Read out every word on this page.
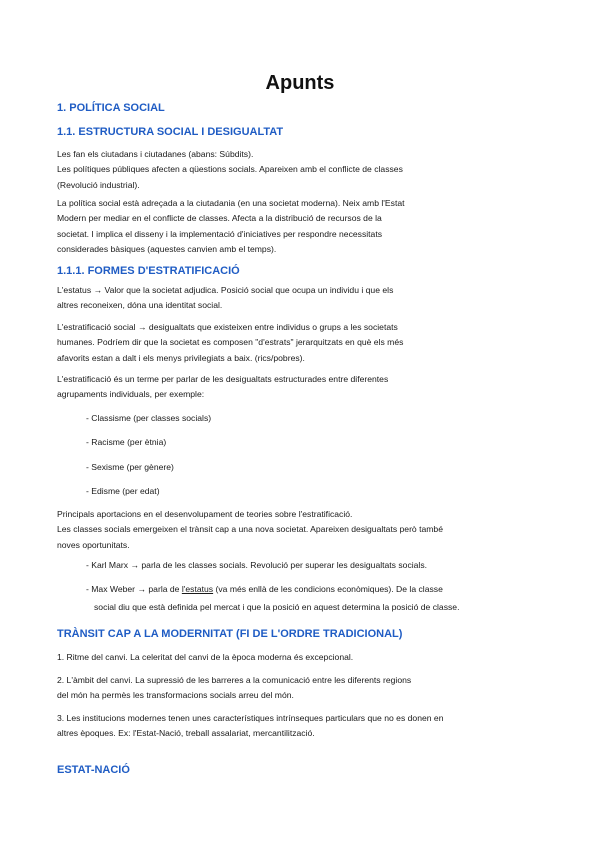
Apunts
1. POLÍTICA SOCIAL
1.1. ESTRUCTURA SOCIAL I DESIGUALTAT
Les fan els ciutadans i ciutadanes (abans: Súbdits).
Les polítiques públiques afecten a qüestions socials. Apareixen amb el conflicte de classes
(Revolució industrial).
La política social està adreçada a la ciutadania (en una societat moderna). Neix amb l'Estat
Modern per mediar en el conflicte de classes. Afecta a la distribució de recursos de la
societat. I implica el disseny i la implementació d'iniciatives per respondre necessitats
considerades bàsiques (aquestes canvien amb el temps).
1.1.1. FORMES D'ESTRATIFICACIÓ
L'estatus → Valor que la societat adjudica. Posició social que ocupa un individu i que els
altres reconeixen, dóna una identitat social.
L'estratificació social → desigualtats que existeixen entre individus o grups a les societats
humanes. Podríem dir que la societat es composen "d'estrats" jerarquitzats en què els més
afavorits estan a dalt i els menys privilegiats a baix. (rics/pobres).
L'estratificació és un terme per parlar de les desigualtats estructurades entre diferentes
agrupaments individuals, per exemple:
- Classisme (per classes socials)
- Racisme (per ètnia)
- Sexisme (per gènere)
- Edisme (per edat)
Principals aportacions en el desenvolupament de teories sobre l'estratificació.
Les classes socials emergeixen el trànsit cap a una nova societat. Apareixen desigualtats però també
noves oportunitats.
- Karl Marx → parla de les classes socials. Revolució per superar les desigualtats socials.
- Max Weber → parla de l'estatus (va més enllà de les condicions econòmiques). De la classe
social diu que està definida pel mercat i que la posició en aquest determina la posició de classe.
TRÀNSIT CAP A LA MODERNITAT (FI DE L'ORDRE TRADICIONAL)
1. Ritme del canvi. La celeritat del canvi de la època moderna és excepcional.
2. L'àmbit del canvi. La supressió de les barreres a la comunicació entre les diferents regions
del món ha permès les transformacions socials arreu del món.
3. Les institucions modernes tenen unes característiques intrínseques particulars que no es donen en
altres èpoques. Ex: l'Estat-Nació, treball assalariat, mercantilització.
ESTAT-NACIÓ
